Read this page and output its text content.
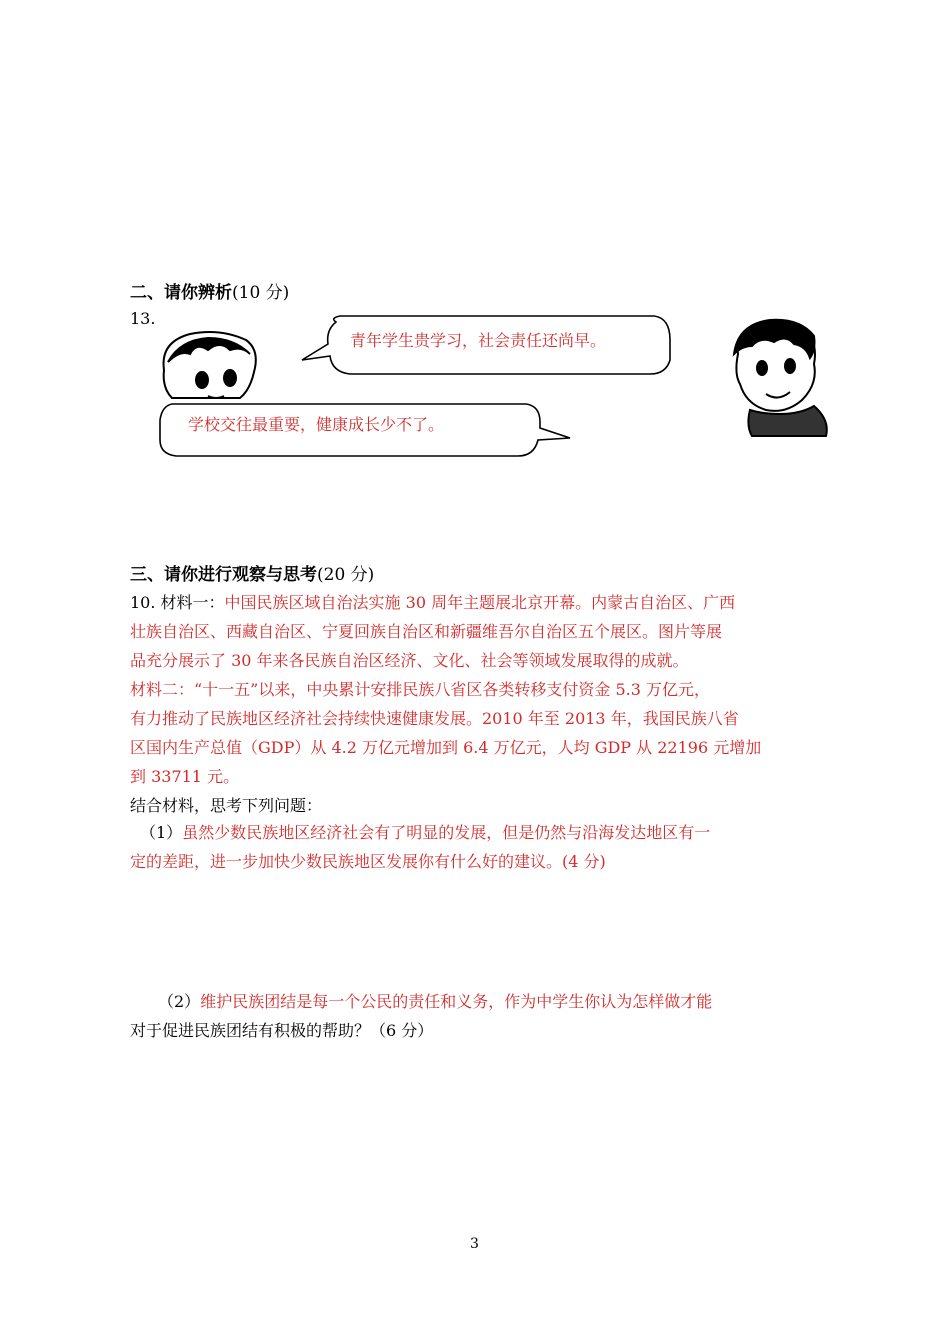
二、请你辨析(10 分)
13.
青年学生贵学习，社会责任还尚早。
学校交往最重要，健康成长少不了。
三、请你进行观察与思考(20 分)
10. 材料一：中国民族区域自治法实施 30 周年主题展北京开幕。内蒙古自治区、广西
壮族自治区、西藏自治区、宁夏回族自治区和新疆维吾尔自治区五个展区。图片等展
品充分展示了 30 年来各民族自治区经济、文化、社会等领域发展取得的成就。
材料二：“十一五”以来，中央累计安排民族八省区各类转移支付资金 5.3 万亿元，
有力推动了民族地区经济社会持续快速健康发展。2010 年至 2013 年，我国民族八省
区国内生产总值（GDP）从 4.2 万亿元增加到 6.4 万亿元，人均 GDP 从 22196 元增加
到 33711 元。
结合材料，思考下列问题：
（1）虽然少数民族地区经济社会有了明显的发展，但是仍然与沿海发达地区有一
定的差距，进一步加快少数民族地区发展你有什么好的建议。(4 分)
（2）维护民族团结是每一个公民的责任和义务，作为中学生你认为怎样做才能
对于促进民族团结有积极的帮助？（6 分）
3
